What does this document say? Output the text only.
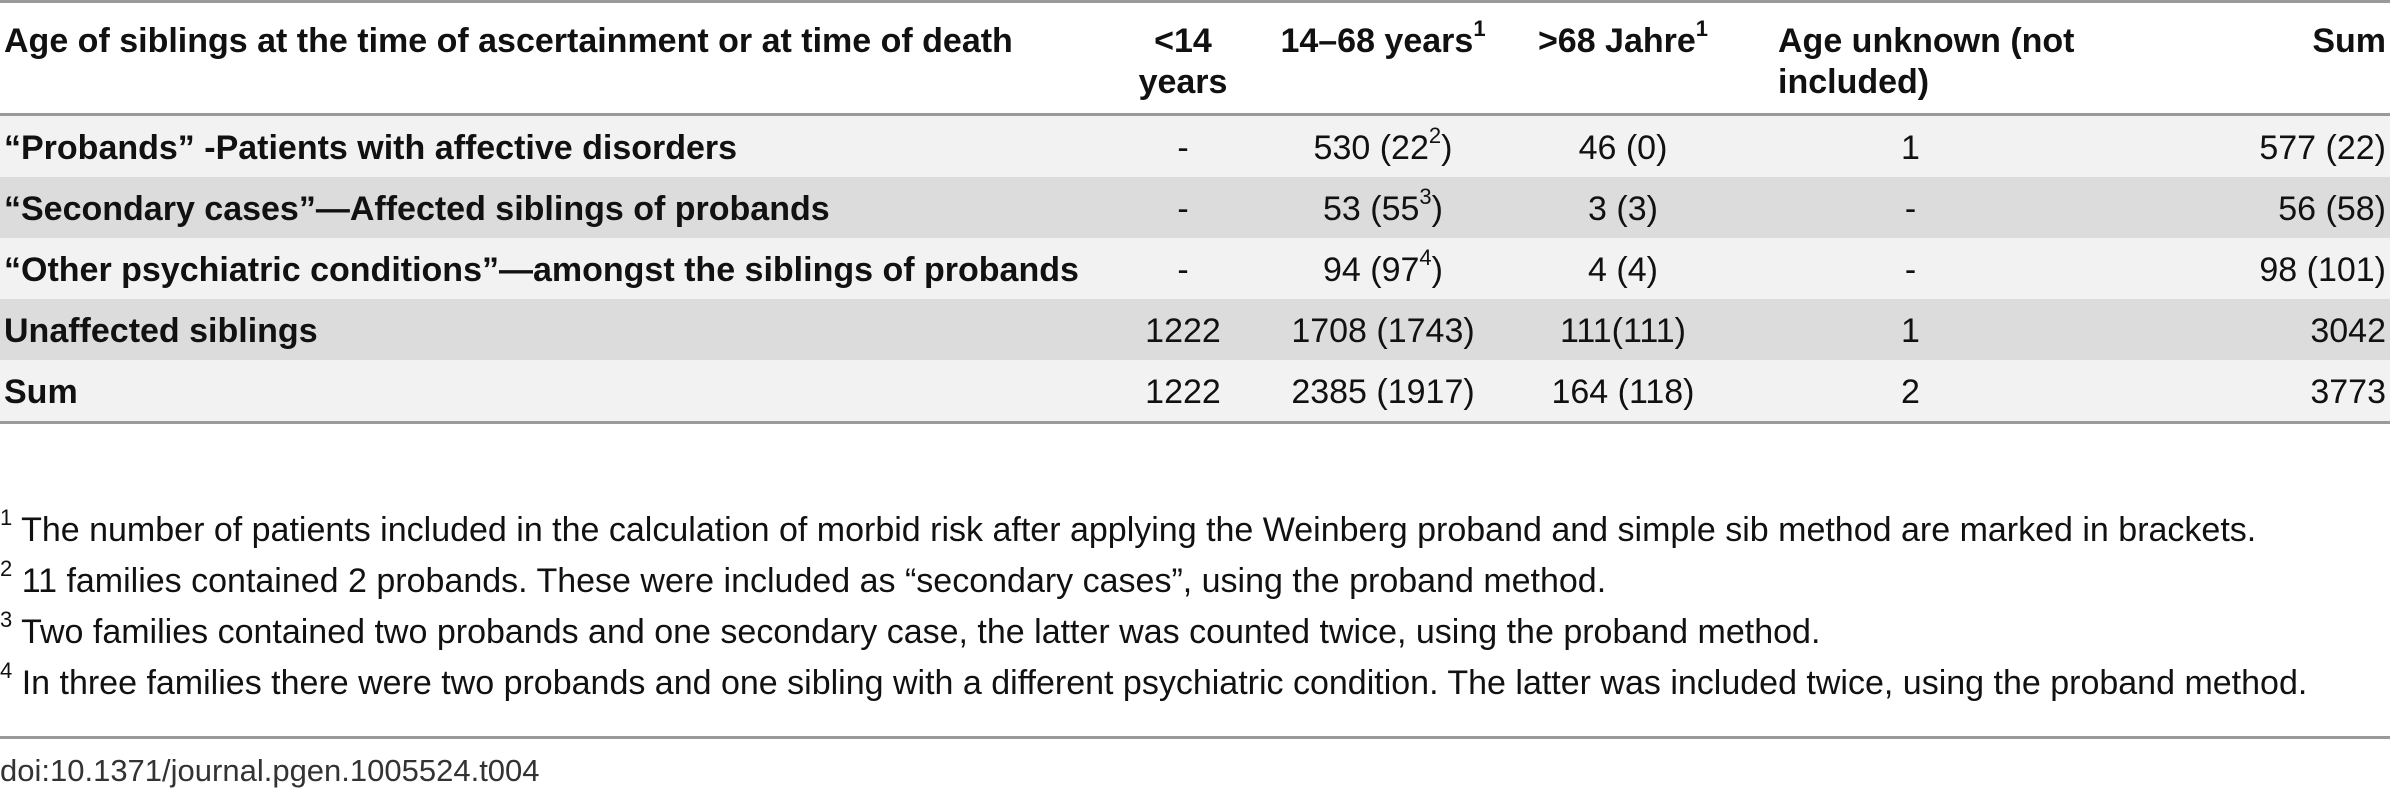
Age of siblings at the time of ascertainment or at time of death	<14 years	14–68 years$^1$	>68 Jahre$^1$	Age unknown (not included)	Sum
“Probands” -Patients with affective disorders	-	530 $(22^2)$	46 (0)	1	577 (22)
“Secondary cases”—Affected siblings of probands	-	53 $(55^3)$	3 (3)	-	56 (58)
“Other psychiatric conditions”—amongst the siblings of probands	-	94 $(97^4)$	4 (4)	-	98 (101)
Unaffected siblings	1222	1708 (1743)	111(111)	1	3042
Sum	1222	2385 (1917)	164 (118)	2	3773
$^1$ The number of patients included in the calculation of morbid risk after applying the Weinberg proband and simple sib method are marked in brackets.
$^2$ 11 families contained 2 probands. These were included as “secondary cases”, using the proband method.
$^3$ Two families contained two probands and one secondary case, the latter was counted twice, using the proband method.
$^4$ In three families there were two probands and one sibling with a different psychiatric condition. The latter was included twice, using the proband method.
doi:10.1371/journal.pgen.1005524.t004
